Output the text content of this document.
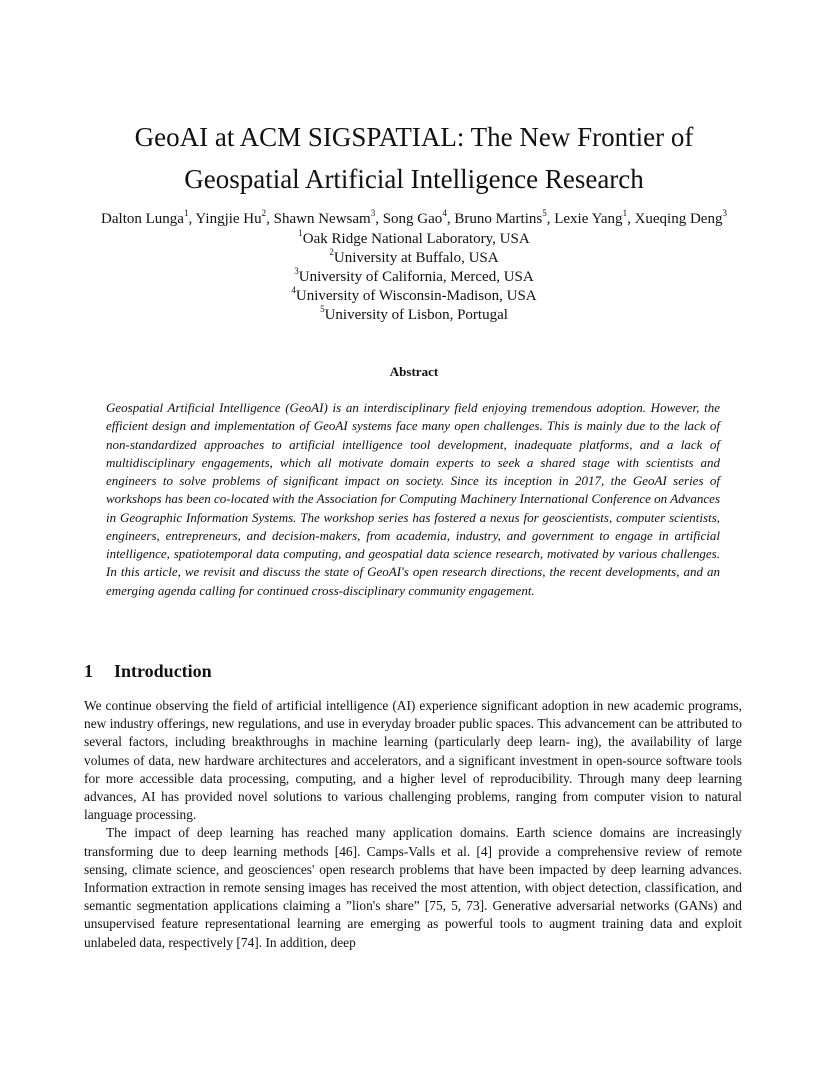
GeoAI at ACM SIGSPATIAL: The New Frontier of
Geospatial Artificial Intelligence Research
Dalton Lunga$^1$, Yingjie Hu$^2$, Shawn Newsam$^3$, Song Gao$^4$, Bruno Martins$^5$, Lexie Yang$^1$, Xueqing Deng$^3$
$^1$Oak Ridge National Laboratory, USA
$^2$University at Buffalo, USA
$^3$University of California, Merced, USA
$^4$University of Wisconsin-Madison, USA
$^5$University of Lisbon, Portugal
Abstract

Geospatial Artificial Intelligence (GeoAI) is an interdisciplinary field enjoying tremendous adoption. However, the efficient design and implementation of GeoAI systems face many open challenges. This is mainly due to the lack of non-standardized approaches to artificial intelligence tool development, inadequate platforms, and a lack of multidisciplinary engagements, which all motivate domain experts to seek a shared stage with scientists and engineers to solve problems of significant impact on society. Since its inception in 2017, the GeoAI series of workshops has been co-located with the Association for Computing Machinery International Conference on Advances in Geographic Information Systems. The workshop series has fostered a nexus for geoscientists, computer scientists, engineers, entrepreneurs, and decision-makers, from academia, industry, and government to engage in artificial intelligence, spatiotemporal data computing, and geospatial data science research, motivated by various challenges. In this article, we revisit and discuss the state of GeoAI's open research directions, the recent developments, and an emerging agenda calling for continued cross-disciplinary community engagement.

1 Introduction

We continue observing the field of artificial intelligence (AI) experience significant adoption in new academic programs, new industry offerings, new regulations, and use in everyday broader public spaces. This advancement can be attributed to several factors, including breakthroughs in machine learning (particularly deep learn- ing), the availability of large volumes of data, new hardware architectures and accelerators, and a significant investment in open-source software tools for more accessible data processing, computing, and a higher level of reproducibility. Through many deep learning advances, AI has provided novel solutions to various challenging problems, ranging from computer vision to natural language processing.

The impact of deep learning has reached many application domains. Earth science domains are increasingly transforming due to deep learning methods [46]. Camps-Valls et al. [4] provide a comprehensive review of remote sensing, climate science, and geosciences' open research problems that have been impacted by deep learning advances. Information extraction in remote sensing images has received the most attention, with object detection, classification, and semantic segmentation applications claiming a ”lion's share” [75, 5, 73]. Generative adversarial networks (GANs) and unsupervised feature representational learning are emerging as powerful tools to augment training data and exploit unlabeled data, respectively [74]. In addition, deep
